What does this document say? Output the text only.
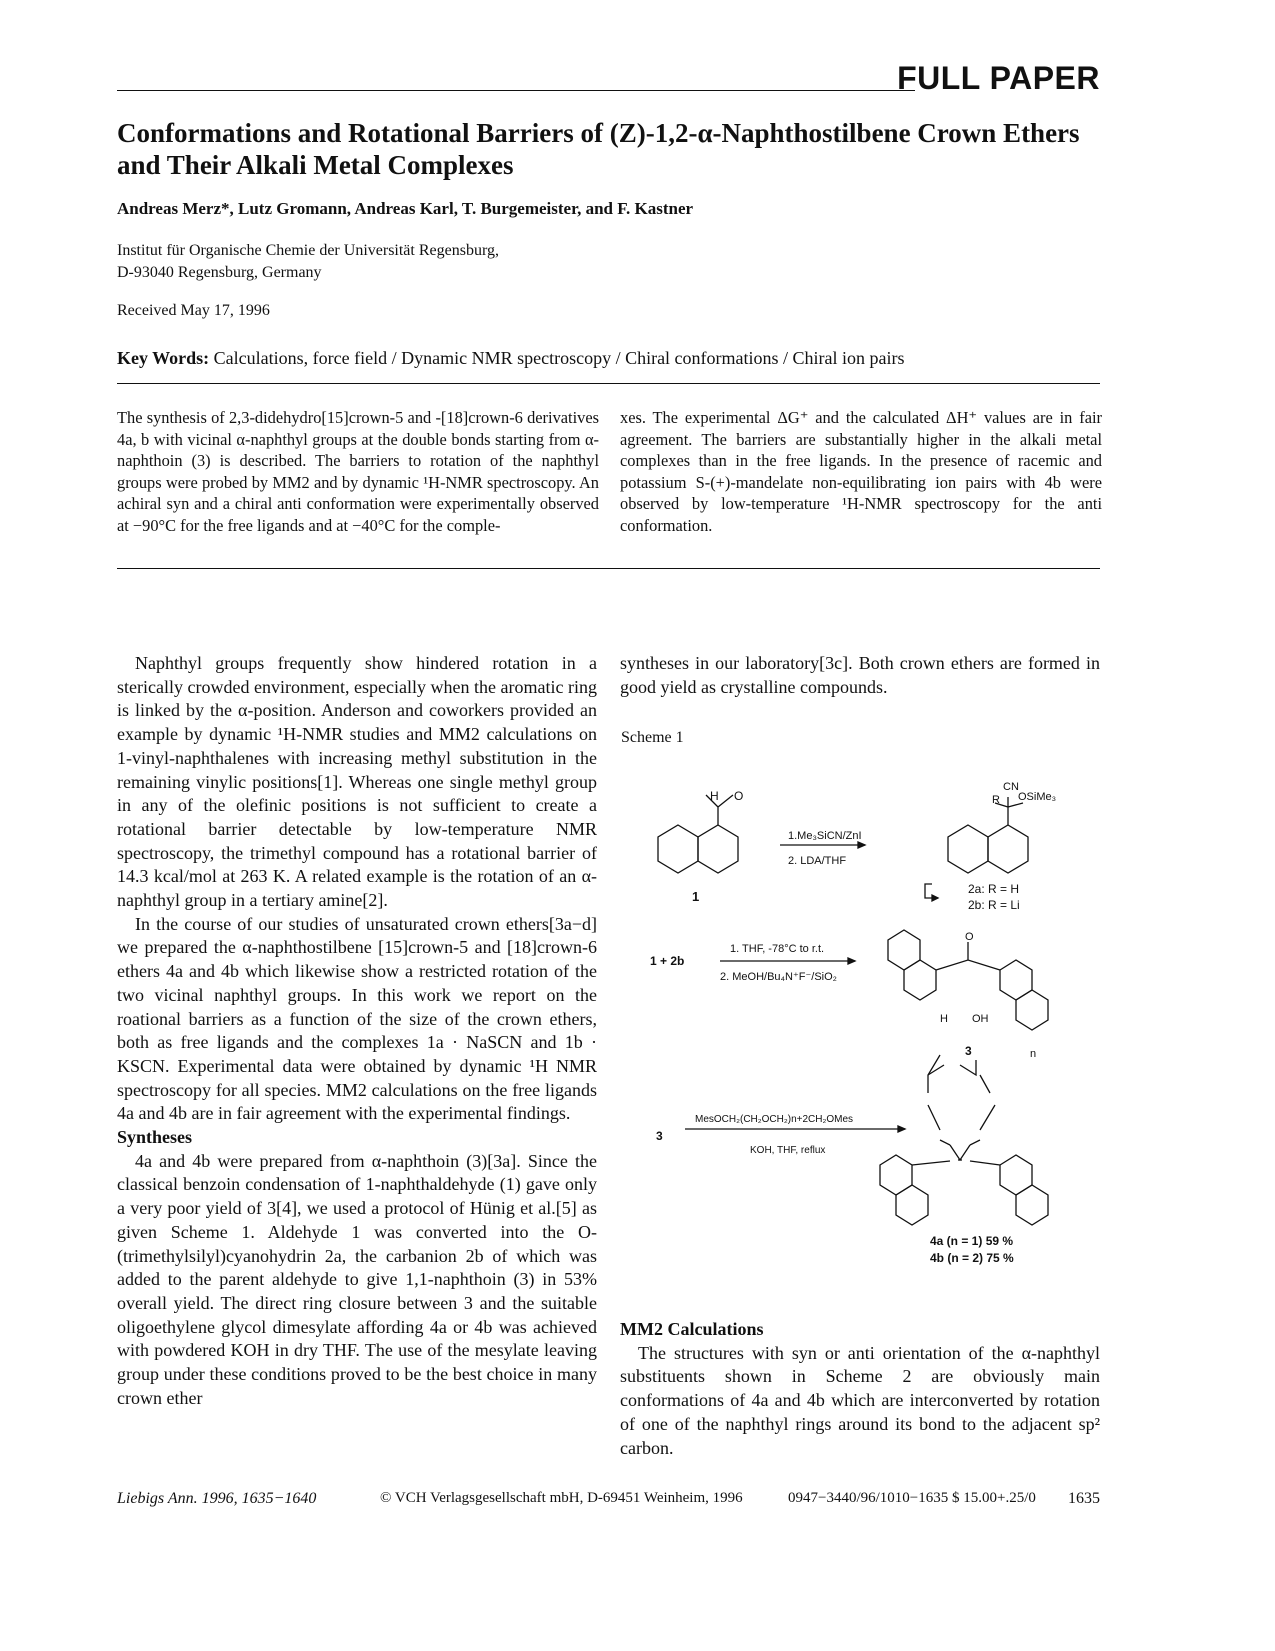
FULL PAPER
Conformations and Rotational Barriers of (Z)-1,2-α-Naphthostilbene Crown Ethers and Their Alkali Metal Complexes
Andreas Merz*, Lutz Gromann, Andreas Karl, T. Burgemeister, and F. Kastner
Institut für Organische Chemie der Universität Regensburg,
D-93040 Regensburg, Germany
Received May 17, 1996
Key Words: Calculations, force field / Dynamic NMR spectroscopy / Chiral conformations / Chiral ion pairs
The synthesis of 2,3-didehydro[15]crown-5 and -[18]crown-6 derivatives 4a, b with vicinal α-naphthyl groups at the double bonds starting from α-naphthoin (3) is described. The barriers to rotation of the naphthyl groups were probed by MM2 and by dynamic ¹H-NMR spectroscopy. An achiral syn and a chiral anti conformation were experimentally observed at −90°C for the free ligands and at −40°C for the comple-
xes. The experimental ΔG⁺ and the calculated ΔH⁺ values are in fair agreement. The barriers are substantially higher in the alkali metal complexes than in the free ligands. In the presence of racemic and potassium S-(+)-mandelate non-equilibrating ion pairs with 4b were observed by low-temperature ¹H-NMR spectroscopy for the anti conformation.

Naphthyl groups frequently show hindered rotation in a sterically crowded environment, especially when the aromatic ring is linked by the α-position. Anderson and coworkers provided an example by dynamic ¹H-NMR studies and MM2 calculations on 1-vinyl-naphthalenes with increasing methyl substitution in the remaining vinylic positions[1]. Whereas one single methyl group in any of the olefinic positions is not sufficient to create a rotational barrier detectable by low-temperature NMR spectroscopy, the trimethyl compound has a rotational barrier of 14.3 kcal/mol at 263 K. A related example is the rotation of an α-naphthyl group in a tertiary amine[2].

In the course of our studies of unsaturated crown ethers[3a−d] we prepared the α-naphthostilbene [15]crown-5 and [18]crown-6 ethers 4a and 4b which likewise show a restricted rotation of the two vicinal naphthyl groups. In this work we report on the roational barriers as a function of the size of the crown ethers, both as free ligands and the complexes 1a · NaSCN and 1b · KSCN. Experimental data were obtained by dynamic ¹H NMR spectroscopy for all species. MM2 calculations on the free ligands 4a and 4b are in fair agreement with the experimental findings.

Syntheses

4a and 4b were prepared from α-naphthoin (3)[3a]. Since the classical benzoin condensation of 1-naphthaldehyde (1) gave only a very poor yield of 3[4], we used a protocol of Hünig et al.[5] as given Scheme 1. Aldehyde 1 was converted into the O-(trimethylsilyl)cyanohydrin 2a, the carbanion 2b of which was added to the parent aldehyde to give 1,1-naphthoin (3) in 53% overall yield. The direct ring closure between 3 and the suitable oligoethylene glycol dimesylate affording 4a or 4b was achieved with powdered KOH in dry THF. The use of the mesylate leaving group under these conditions proved to be the best choice in many crown ether

syntheses in our laboratory[3c]. Both crown ethers are formed in good yield as crystalline compounds.

Scheme 1
H O
1
1.Me₃SiCN/ZnI
2. LDA/THF
CN
R OSiMe₃
2a: R = H
2b: R = Li
1 + 2b
1. THF, -78°C to r.t.
2. MeOH/Bu₄N⁺F⁻/SiO₂
O
H OH
3	n
3
MesOCH₂(CH₂OCH₂)n+2CH₂OMes
KOH, THF, reflux
4a (n = 1) 59 %
4b (n = 2) 75 %

MM2 Calculations

The structures with syn or anti orientation of the α-naphthyl substituents shown in Scheme 2 are obviously main conformations of 4a and 4b which are interconverted by rotation of one of the naphthyl rings around its bond to the adjacent sp² carbon.

Liebigs Ann. 1996, 1635−1640	© VCH Verlagsgesellschaft mbH, D-69451 Weinheim, 1996	0947−3440/96/1010−1635 $ 15.00+.25/0 1635
